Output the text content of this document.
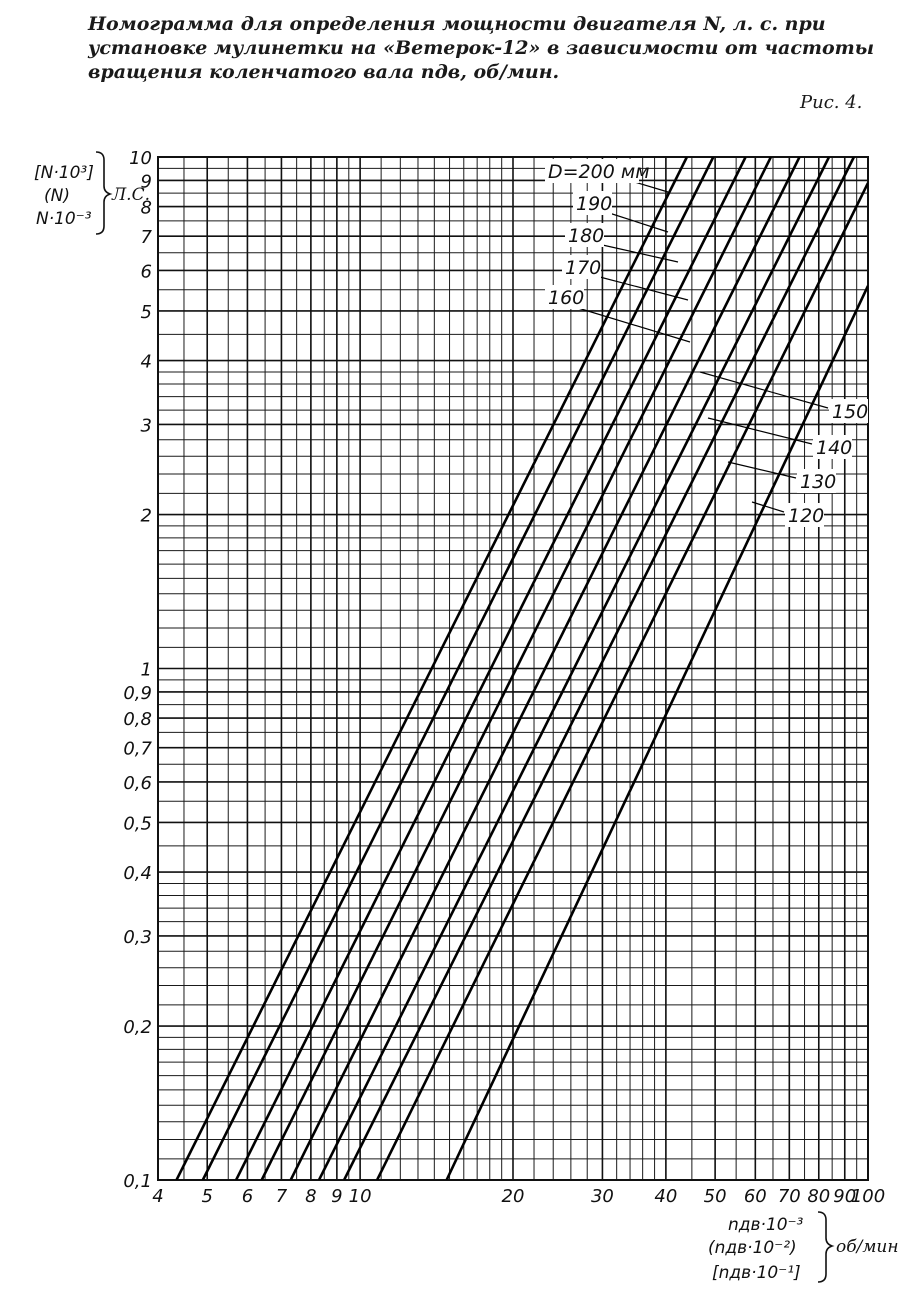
Номограмма для определения мощности двигателя N, л. с. при установке мулинетки на «Ветерок-12» в зависимости от частоты вращения коленчатого вала nдв, об/мин.
Рис. 4.
4 5 6 7 8 9 10	20	30 40 50 60 70 80 90
100
0,1
0,2
0,3
0,4
0,5
0,6
0,7
0,8
0,9
1
2
3
4
5
6
7
8
9
10
D=200 мм
190
180
170
160
150
140
130
120
[N·10³]
(N)
N·10⁻³
Л.С.
nдв·10⁻³
(nдв·10⁻²)
[nдв·10⁻¹]
об/мин
